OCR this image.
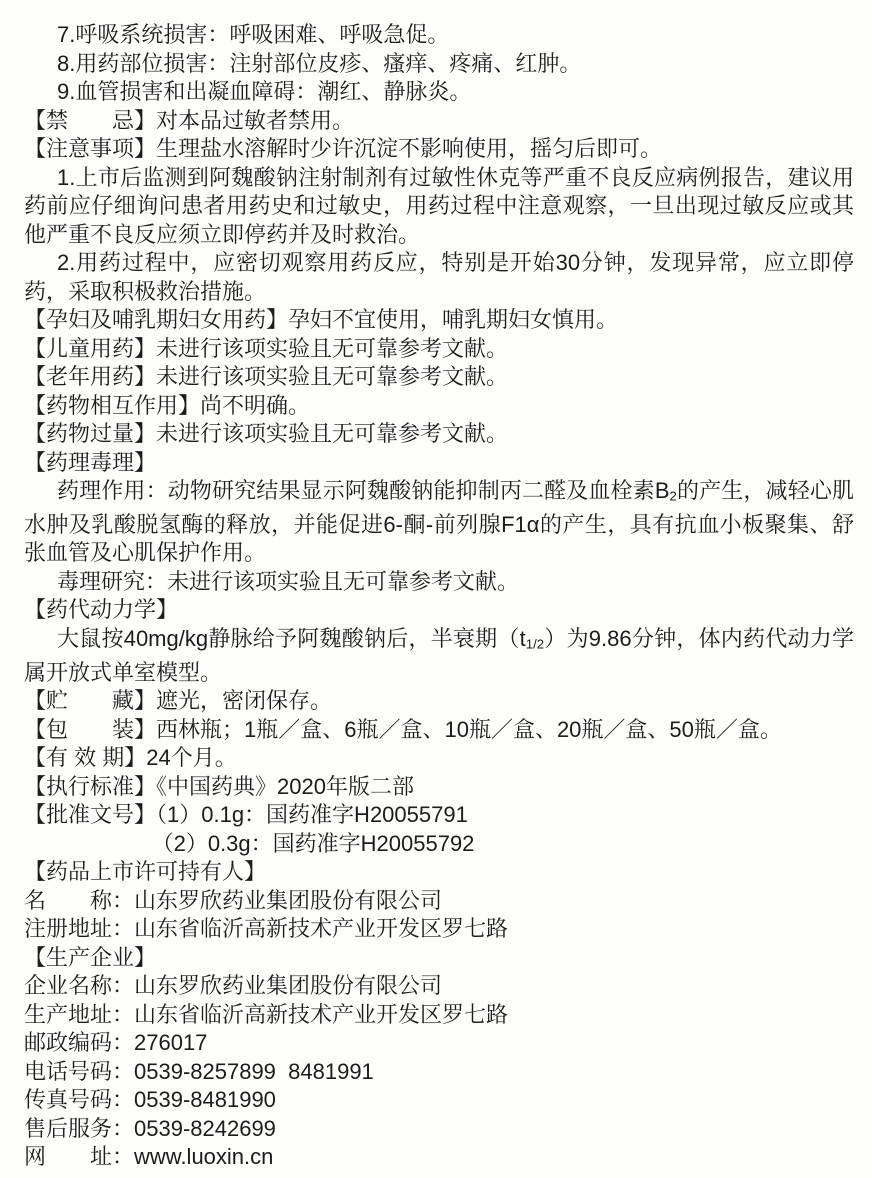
7.呼吸系统损害：呼吸困难、呼吸急促。

8.用药部位损害：注射部位皮疹、瘙痒、疼痛、红肿。

9.血管损害和出凝血障碍：潮红、静脉炎。

【禁　　忌】对本品过敏者禁用。

【注意事项】生理盐水溶解时少许沉淀不影响使用，摇匀后即可。

1.上市后监测到阿魏酸钠注射制剂有过敏性休克等严重不良反应病例报告，建议用药前应仔细询问患者用药史和过敏史，用药过程中注意观察，一旦出现过敏反应或其他严重不良反应须立即停药并及时救治。

2.用药过程中，应密切观察用药反应，特别是开始30分钟，发现异常，应立即停药，采取积极救治措施。

【孕妇及哺乳期妇女用药】孕妇不宜使用，哺乳期妇女慎用。

【儿童用药】未进行该项实验且无可靠参考文献。

【老年用药】未进行该项实验且无可靠参考文献。

【药物相互作用】尚不明确。

【药物过量】未进行该项实验且无可靠参考文献。

【药理毒理】

药理作用：动物研究结果显示阿魏酸钠能抑制丙二醛及血栓素B2的产生，减轻心肌水肿及乳酸脱氢酶的释放，并能促进6-酮-前列腺F1α的产生，具有抗血小板聚集、舒张血管及心肌保护作用。

毒理研究：未进行该项实验且无可靠参考文献。

【药代动力学】

大鼠按40mg/kg静脉给予阿魏酸钠后，半衰期（t1/2）为9.86分钟，体内药代动力学属开放式单室模型。

【贮　　藏】遮光，密闭保存。

【包　　装】西林瓶；1瓶／盒、6瓶／盒、10瓶／盒、20瓶／盒、50瓶／盒。

【有 效 期】24个月。

【执行标准】《中国药典》2020年版二部

【批准文号】（1）0.1g：国药准字H20055791

（2）0.3g：国药准字H20055792

【药品上市许可持有人】

名　　称：山东罗欣药业集团股份有限公司

注册地址：山东省临沂高新技术产业开发区罗七路

【生产企业】

企业名称：山东罗欣药业集团股份有限公司

生产地址：山东省临沂高新技术产业开发区罗七路

邮政编码：276017

电话号码：0539-8257899  8481991

传真号码：0539-8481990

售后服务：0539-8242699

网　　址：www.luoxin.cn
